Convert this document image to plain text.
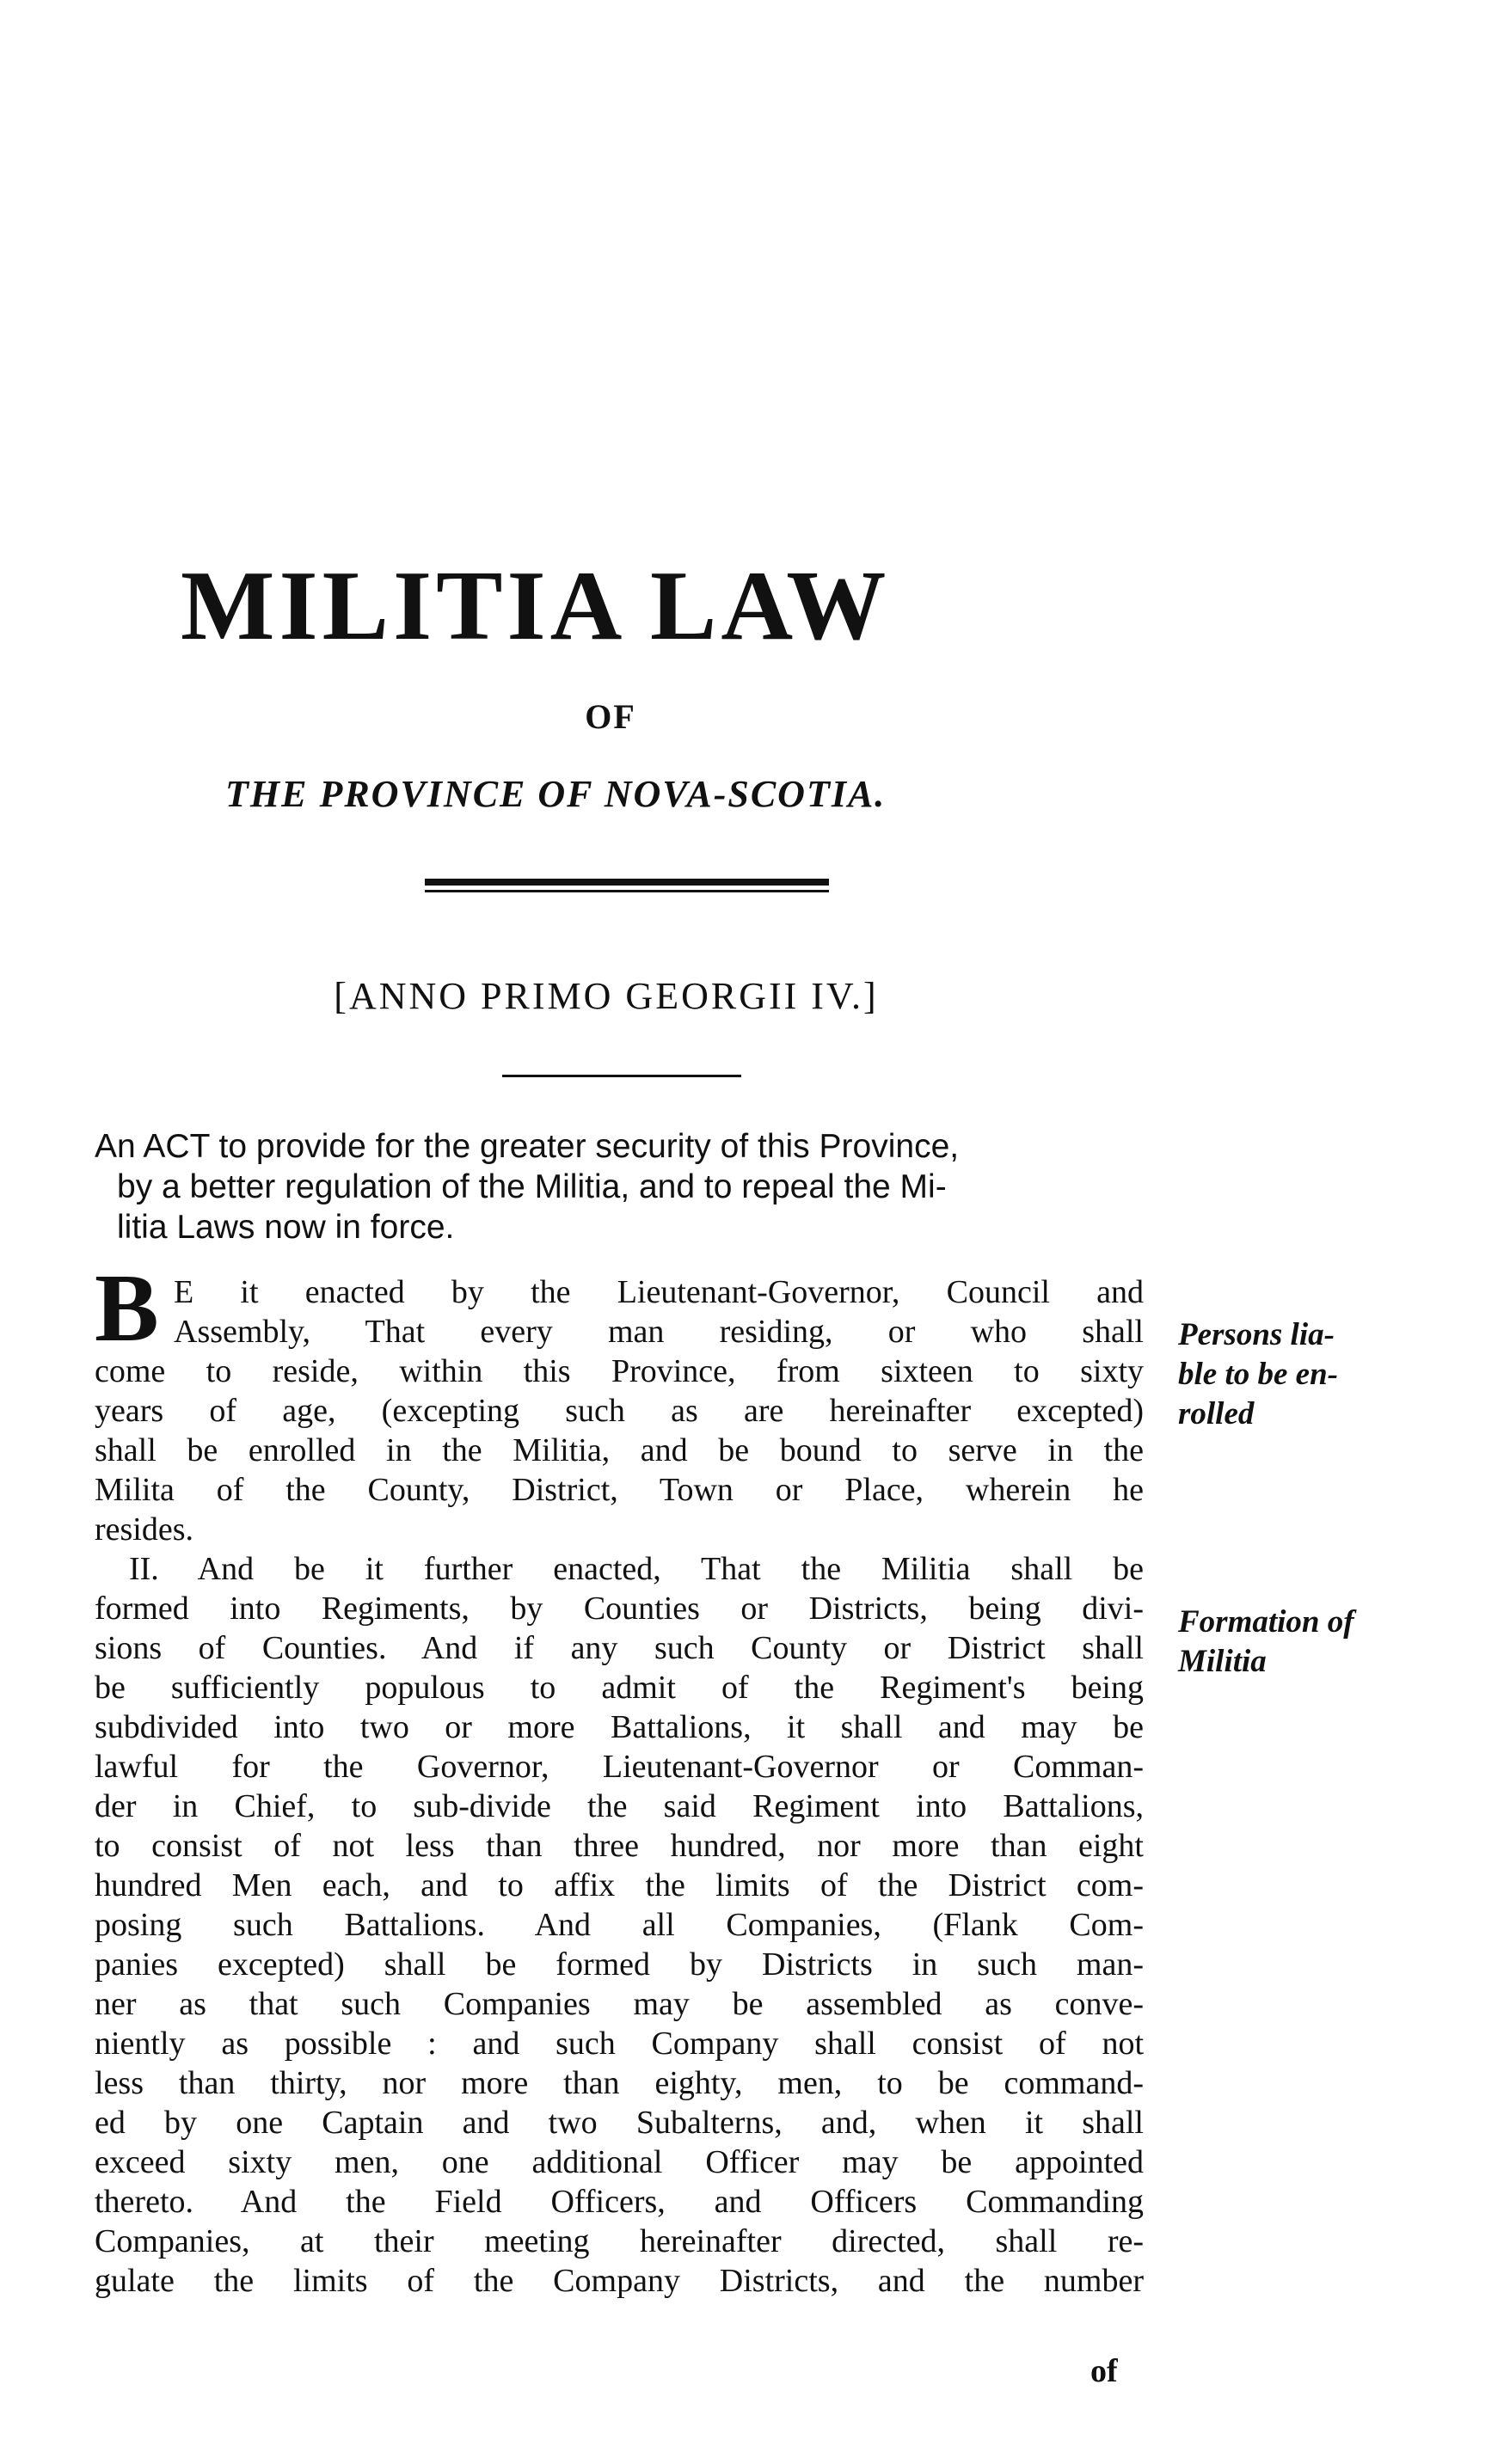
MILITIA LAW
OF
THE PROVINCE OF NOVA-SCOTIA.
[ANNO PRIMO GEORGII IV.]

An ACT to provide for the greater security of this Province,
by a better regulation of the Militia, and to repeal the Mi-
litia Laws now in force.

B E it enacted by the Lieutenant-Governor, Council and
Assembly, That every man residing, or who shall
come to reside, within this Province, from sixteen to sixty
years of age, (excepting such as are hereinafter excepted)
shall be enrolled in the Militia, and be bound to serve in the
Milita of the County, District, Town or Place, wherein he
resides.
II. And be it further enacted, That the Militia shall be
formed into Regiments, by Counties or Districts, being divi-
sions of Counties. And if any such County or District shall
be sufficiently populous to admit of the Regiment's being
subdivided into two or more Battalions, it shall and may be
lawful for the Governor, Lieutenant-Governor or Comman-
der in Chief, to sub-divide the said Regiment into Battalions,
to consist of not less than three hundred, nor more than eight
hundred Men each, and to affix the limits of the District com-
posing such Battalions. And all Companies, (Flank Com-
panies excepted) shall be formed by Districts in such man-
ner as that such Companies may be assembled as conve-
niently as possible : and such Company shall consist of not
less than thirty, nor more than eighty, men, to be command-
ed by one Captain and two Subalterns, and, when it shall
exceed sixty men, one additional Officer may be appointed
thereto. And the Field Officers, and Officers Commanding
Companies, at their meeting hereinafter directed, shall re-
gulate the limits of the Company Districts, and the number
Persons lia-
ble to be en-
rolled
Formation of
Militia
of
